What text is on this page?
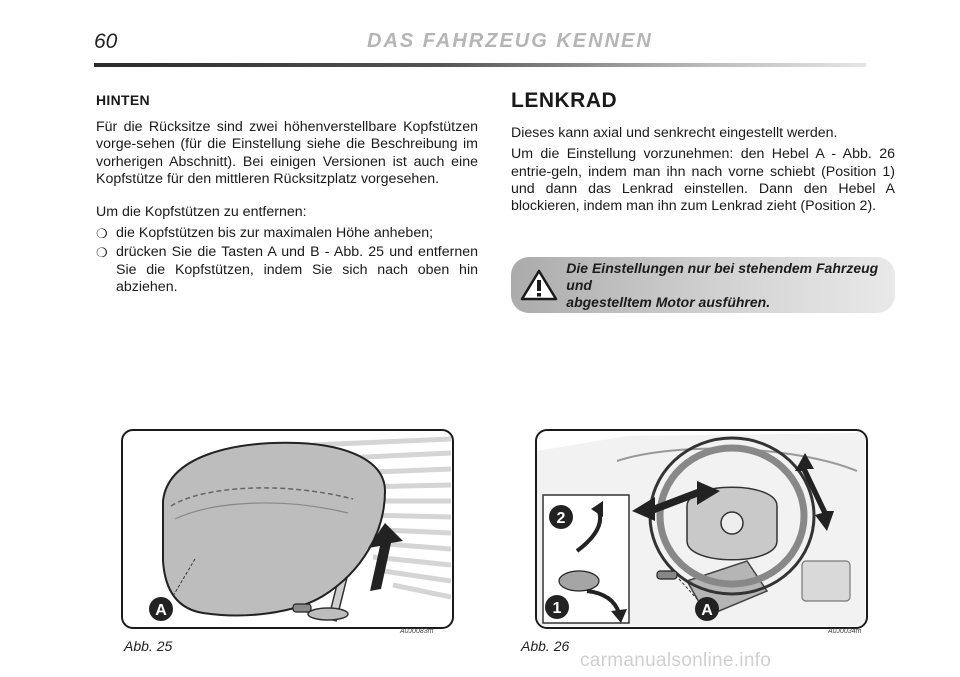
60	DAS FAHRZEUG KENNEN
HINTEN

Für die Rücksitze sind zwei höhenverstellbare Kopfstützen vorge-sehen (für die Einstellung siehe die Beschreibung im vorherigen Abschnitt). Bei einigen Versionen ist auch eine Kopfstütze für den mittleren Rücksitzplatz vorgesehen.

Um die Kopfstützen zu entfernen:

❍ die Kopfstützen bis zur maximalen Höhe anheben;
❍ drücken Sie die Tasten A und B - Abb. 25 und entfernen Sie die Kopfstützen, indem Sie sich nach oben hin abziehen.
LENKRAD

Dieses kann axial und senkrecht eingestellt werden.

Um die Einstellung vorzunehmen: den Hebel A - Abb. 26 entrie-geln, indem man ihn nach vorne schiebt (Position 1) und dann das Lenkrad einstellen. Dann den Hebel A blockieren, indem man ihn zum Lenkrad zieht (Position 2).

Die Einstellungen nur bei stehendem Fahrzeug und
abgestelltem Motor ausführen.
A
Abb. 25
A0J0083m
2
1	A
Abb. 26
A0J0034m
carmanualsonline.info
